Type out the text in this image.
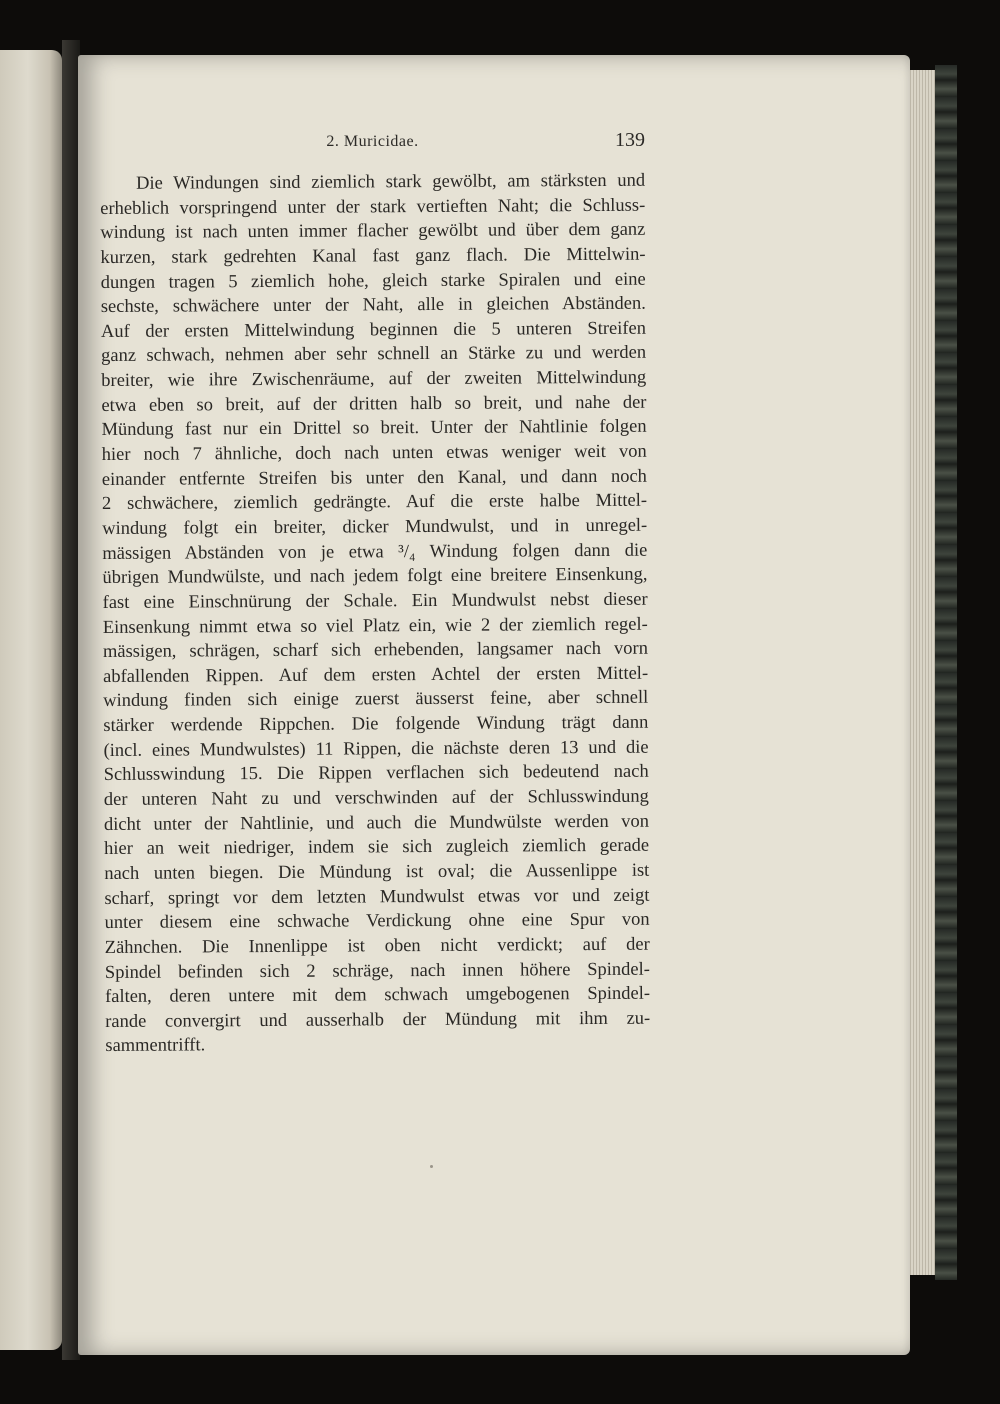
2. Muricidae.	139
Die Windungen sind ziemlich stark gewölbt, am stärksten und
erheblich vorspringend unter der stark vertieften Naht; die Schluss-
windung ist nach unten immer flacher gewölbt und über dem ganz
kurzen, stark gedrehten Kanal fast ganz flach. Die Mittelwin-
dungen tragen 5 ziemlich hohe, gleich starke Spiralen und eine
sechste, schwächere unter der Naht, alle in gleichen Abständen.
Auf der ersten Mittelwindung beginnen die 5 unteren Streifen
ganz schwach, nehmen aber sehr schnell an Stärke zu und werden
breiter, wie ihre Zwischenräume, auf der zweiten Mittelwindung
etwa eben so breit, auf der dritten halb so breit, und nahe der
Mündung fast nur ein Drittel so breit. Unter der Nahtlinie folgen
hier noch 7 ähnliche, doch nach unten etwas weniger weit von
einander entfernte Streifen bis unter den Kanal, und dann noch
2 schwächere, ziemlich gedrängte. Auf die erste halbe Mittel-
windung folgt ein breiter, dicker Mundwulst, und in unregel-
mässigen Abständen von je etwa ³/₄ Windung folgen dann die
übrigen Mundwülste, und nach jedem folgt eine breitere Einsenkung,
fast eine Einschnürung der Schale. Ein Mundwulst nebst dieser
Einsenkung nimmt etwa so viel Platz ein, wie 2 der ziemlich regel-
mässigen, schrägen, scharf sich erhebenden, langsamer nach vorn
abfallenden Rippen. Auf dem ersten Achtel der ersten Mittel-
windung finden sich einige zuerst äusserst feine, aber schnell
stärker werdende Rippchen. Die folgende Windung trägt dann
(incl. eines Mundwulstes) 11 Rippen, die nächste deren 13 und die
Schlusswindung 15. Die Rippen verflachen sich bedeutend nach
der unteren Naht zu und verschwinden auf der Schlusswindung
dicht unter der Nahtlinie, und auch die Mundwülste werden von
hier an weit niedriger, indem sie sich zugleich ziemlich gerade
nach unten biegen. Die Mündung ist oval; die Aussenlippe ist
scharf, springt vor dem letzten Mundwulst etwas vor und zeigt
unter diesem eine schwache Verdickung ohne eine Spur von
Zähnchen. Die Innenlippe ist oben nicht verdickt; auf der
Spindel befinden sich 2 schräge, nach innen höhere Spindel-
falten, deren untere mit dem schwach umgebogenen Spindel-
rande convergirt und ausserhalb der Mündung mit ihm zu-
sammentrifft.
